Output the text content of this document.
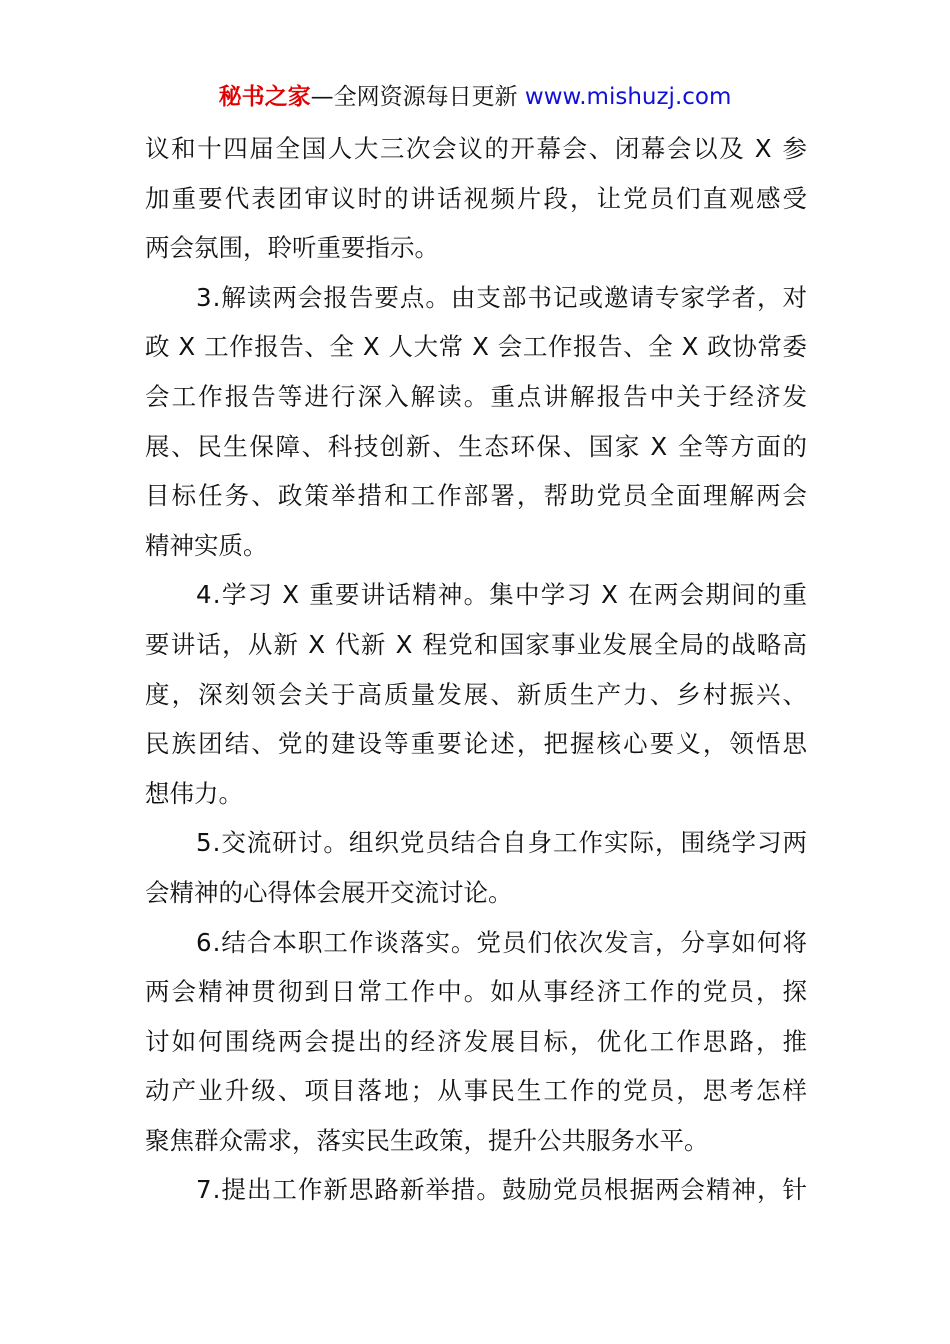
秘书之家—全网资源每日更新 www.mishuzj.com
议和十四届全国人大三次会议的开幕会、闭幕会以及 X 参
加重要代表团审议时的讲话视频片段，让党员们直观感受
两会氛围，聆听重要指示。
3.解读两会报告要点。由支部书记或邀请专家学者，对
政 X 工作报告、全 X 人大常 X 会工作报告、全 X 政协常委
会工作报告等进行深入解读。重点讲解报告中关于经济发
展、民生保障、科技创新、生态环保、国家 X 全等方面的
目标任务、政策举措和工作部署，帮助党员全面理解两会
精神实质。
4.学习 X 重要讲话精神。集中学习 X 在两会期间的重
要讲话，从新 X 代新 X 程党和国家事业发展全局的战略高
度，深刻领会关于高质量发展、新质生产力、乡村振兴、
民族团结、党的建设等重要论述，把握核心要义，领悟思
想伟力。
5.交流研讨。组织党员结合自身工作实际，围绕学习两
会精神的心得体会展开交流讨论。
6.结合本职工作谈落实。党员们依次发言，分享如何将
两会精神贯彻到日常工作中。如从事经济工作的党员，探
讨如何围绕两会提出的经济发展目标，优化工作思路，推
动产业升级、项目落地；从事民生工作的党员，思考怎样
聚焦群众需求，落实民生政策，提升公共服务水平。
7.提出工作新思路新举措。鼓励党员根据两会精神，针
